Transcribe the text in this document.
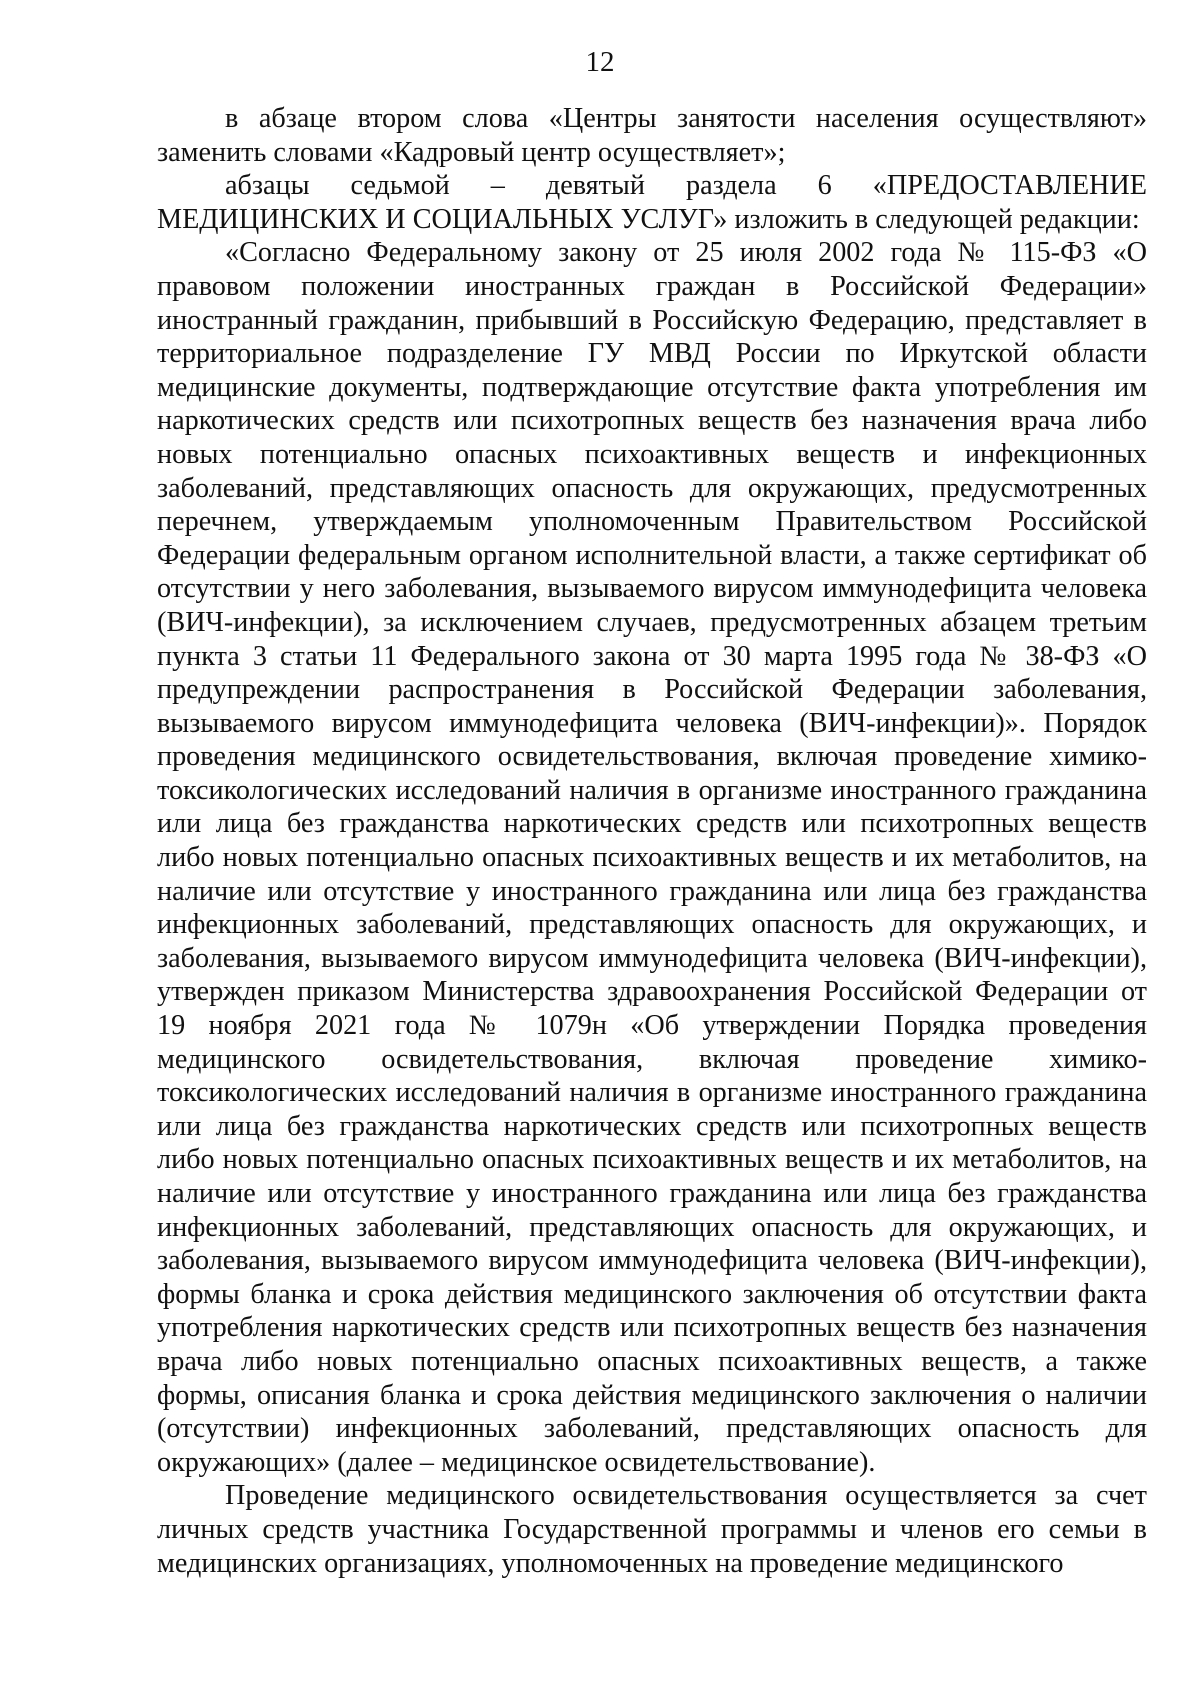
12

в абзаце втором слова «Центры занятости населения осуществляют» заменить словами «Кадровый центр осуществляет»;

абзацы седьмой – девятый раздела 6 «ПРЕДОСТАВЛЕНИЕ МЕДИЦИНСКИХ И СОЦИАЛЬНЫХ УСЛУГ» изложить в следующей редакции:

«Согласно Федеральному закону от 25 июля 2002 года № 115-ФЗ «О правовом положении иностранных граждан в Российской Федерации» иностранный гражданин, прибывший в Российскую Федерацию, представляет в территориальное подразделение ГУ МВД России по Иркутской области медицинские документы, подтверждающие отсутствие факта употребления им наркотических средств или психотропных веществ без назначения врача либо новых потенциально опасных психоактивных веществ и инфекционных заболеваний, представляющих опасность для окружающих, предусмотренных перечнем, утверждаемым уполномоченным Правительством Российской Федерации федеральным органом исполнительной власти, а также сертификат об отсутствии у него заболевания, вызываемого вирусом иммунодефицита человека (ВИЧ-инфекции), за исключением случаев, предусмотренных абзацем третьим пункта 3 статьи 11 Федерального закона от 30 марта 1995 года № 38-ФЗ «О предупреждении распространения в Российской Федерации заболевания, вызываемого вирусом иммунодефицита человека (ВИЧ-инфекции)». Порядок проведения медицинского освидетельствования, включая проведение химико-токсикологических исследований наличия в организме иностранного гражданина или лица без гражданства наркотических средств или психотропных веществ либо новых потенциально опасных психоактивных веществ и их метаболитов, на наличие или отсутствие у иностранного гражданина или лица без гражданства инфекционных заболеваний, представляющих опасность для окружающих, и заболевания, вызываемого вирусом иммунодефицита человека (ВИЧ-инфекции), утвержден приказом Министерства здравоохранения Российской Федерации от 19 ноября 2021 года № 1079н «Об утверждении Порядка проведения медицинского освидетельствования, включая проведение химико-токсикологических исследований наличия в организме иностранного гражданина или лица без гражданства наркотических средств или психотропных веществ либо новых потенциально опасных психоактивных веществ и их метаболитов, на наличие или отсутствие у иностранного гражданина или лица без гражданства инфекционных заболеваний, представляющих опасность для окружающих, и заболевания, вызываемого вирусом иммунодефицита человека (ВИЧ-инфекции), формы бланка и срока действия медицинского заключения об отсутствии факта употребления наркотических средств или психотропных веществ без назначения врача либо новых потенциально опасных психоактивных веществ, а также формы, описания бланка и срока действия медицинского заключения о наличии (отсутствии) инфекционных заболеваний, представляющих опасность для окружающих» (далее – медицинское освидетельствование).

Проведение медицинского освидетельствования осуществляется за счет личных средств участника Государственной программы и членов его семьи в медицинских организациях, уполномоченных на проведение медицинского
